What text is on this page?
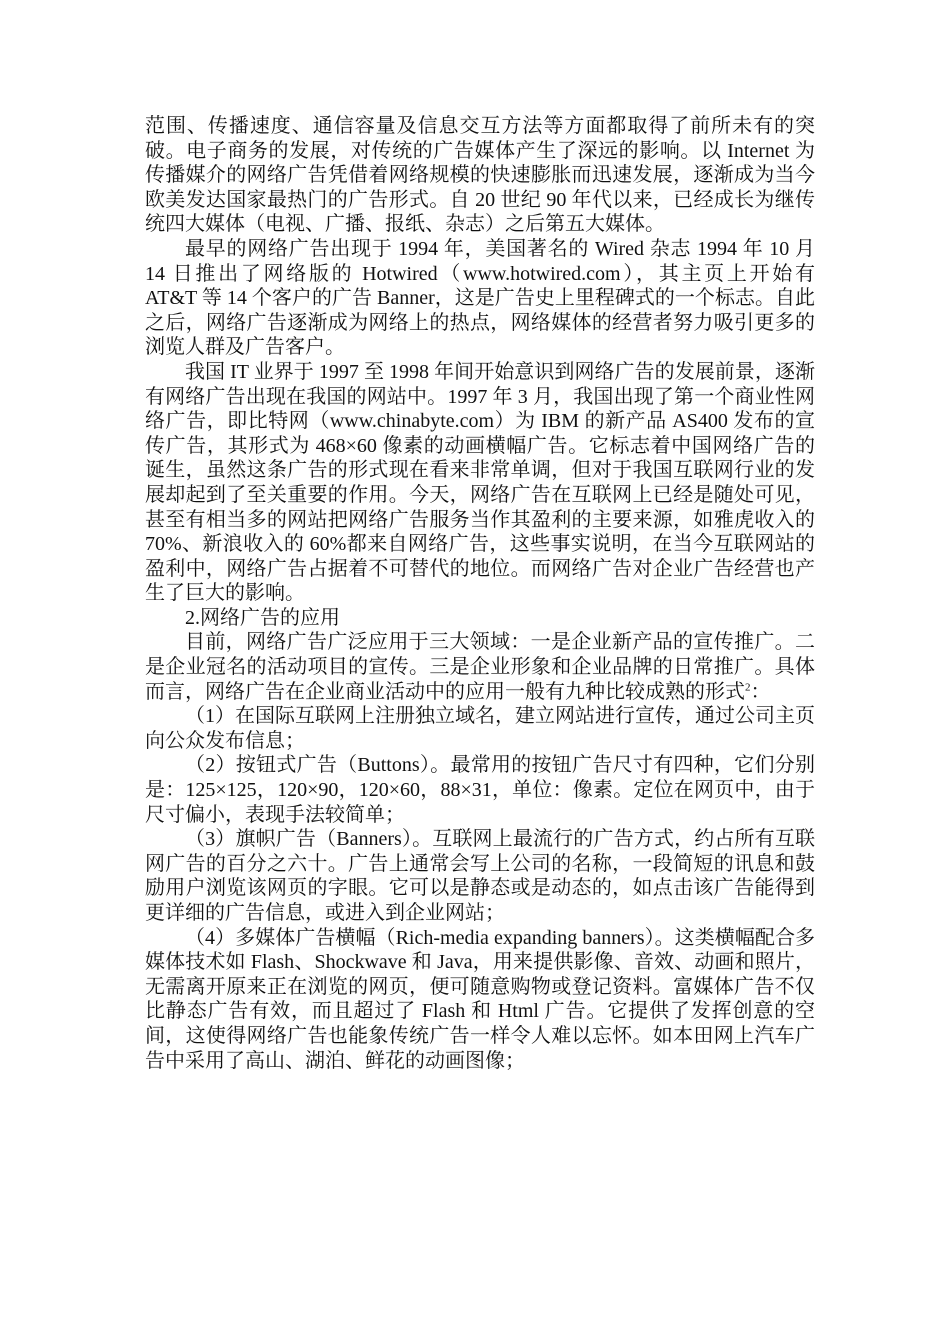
范围、传播速度、通信容量及信息交互方法等方面都取得了前所未有的突破。电子商务的发展，对传统的广告媒体产生了深远的影响。以 Internet 为传播媒介的网络广告凭借着网络规模的快速膨胀而迅速发展，逐渐成为当今欧美发达国家最热门的广告形式。自 20 世纪 90 年代以来，已经成长为继传统四大媒体（电视、广播、报纸、杂志）之后第五大媒体。

最早的网络广告出现于 1994 年，美国著名的 Wired 杂志 1994 年 10 月 14 日推出了网络版的 Hotwired（www.hotwired.com），其主页上开始有 AT&T 等 14 个客户的广告 Banner，这是广告史上里程碑式的一个标志。自此之后，网络广告逐渐成为网络上的热点，网络媒体的经营者努力吸引更多的浏览人群及广告客户。

我国 IT 业界于 1997 至 1998 年间开始意识到网络广告的发展前景，逐渐有网络广告出现在我国的网站中。1997 年 3 月，我国出现了第一个商业性网络广告，即比特网（www.chinabyte.com）为 IBM 的新产品 AS400 发布的宣传广告，其形式为 468×60 像素的动画横幅广告。它标志着中国网络广告的诞生，虽然这条广告的形式现在看来非常单调，但对于我国互联网行业的发展却起到了至关重要的作用。今天，网络广告在互联网上已经是随处可见，甚至有相当多的网站把网络广告服务当作其盈利的主要来源，如雅虎收入的 70%、新浪收入的 60%都来自网络广告，这些事实说明，在当今互联网站的盈利中，网络广告占据着不可替代的地位。而网络广告对企业广告经营也产生了巨大的影响。

2.网络广告的应用

目前，网络广告广泛应用于三大领域：一是企业新产品的宣传推广。二是企业冠名的活动项目的宣传。三是企业形象和企业品牌的日常推广。具体而言，网络广告在企业商业活动中的应用一般有九种比较成熟的形式$^2$：

（1）在国际互联网上注册独立域名，建立网站进行宣传，通过公司主页向公众发布信息；

（2）按钮式广告（Buttons）。最常用的按钮广告尺寸有四种，它们分别是：125×125，120×90，120×60，88×31，单位：像素。定位在网页中，由于尺寸偏小，表现手法较简单；

（3）旗帜广告（Banners）。互联网上最流行的广告方式，约占所有互联网广告的百分之六十。广告上通常会写上公司的名称，一段简短的讯息和鼓励用户浏览该网页的字眼。它可以是静态或是动态的，如点击该广告能得到更详细的广告信息，或进入到企业网站；

（4）多媒体广告横幅（Rich-media expanding banners）。这类横幅配合多媒体技术如 Flash、Shockwave 和 Java，用来提供影像、音效、动画和照片，无需离开原来正在浏览的网页，便可随意购物或登记资料。富媒体广告不仅比静态广告有效，而且超过了 Flash 和 Html 广告。它提供了发挥创意的空间，这使得网络广告也能象传统广告一样令人难以忘怀。如本田网上汽车广告中采用了高山、湖泊、鲜花的动画图像；
